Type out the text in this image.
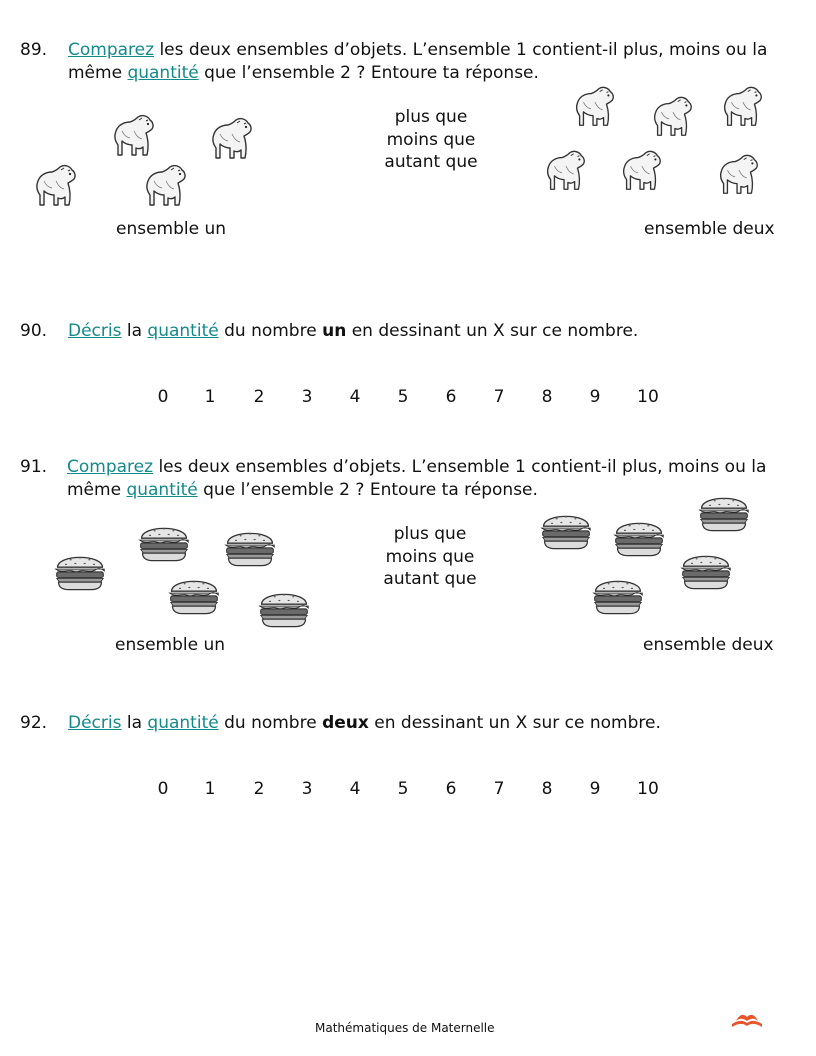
89. Comparez les deux ensembles d’objets. L’ensemble 1 contient-il plus, moins ou la
même quantité que l’ensemble 2 ? Entoure ta réponse.
plus que
moins que
autant que
ensemble un	ensemble deux
90. Décris la quantité du nombre un en dessinant un X sur ce nombre.
0	1	2	3	4	5	6	7	8	9	10
91. Comparez les deux ensembles d’objets. L’ensemble 1 contient-il plus, moins ou la
même quantité que l’ensemble 2 ? Entoure ta réponse.
plus que
moins que
autant que
ensemble un	ensemble deux
92. Décris la quantité du nombre deux en dessinant un X sur ce nombre.
0	1	2	3	4	5	6	7	8	9	10
Mathématiques de Maternelle
